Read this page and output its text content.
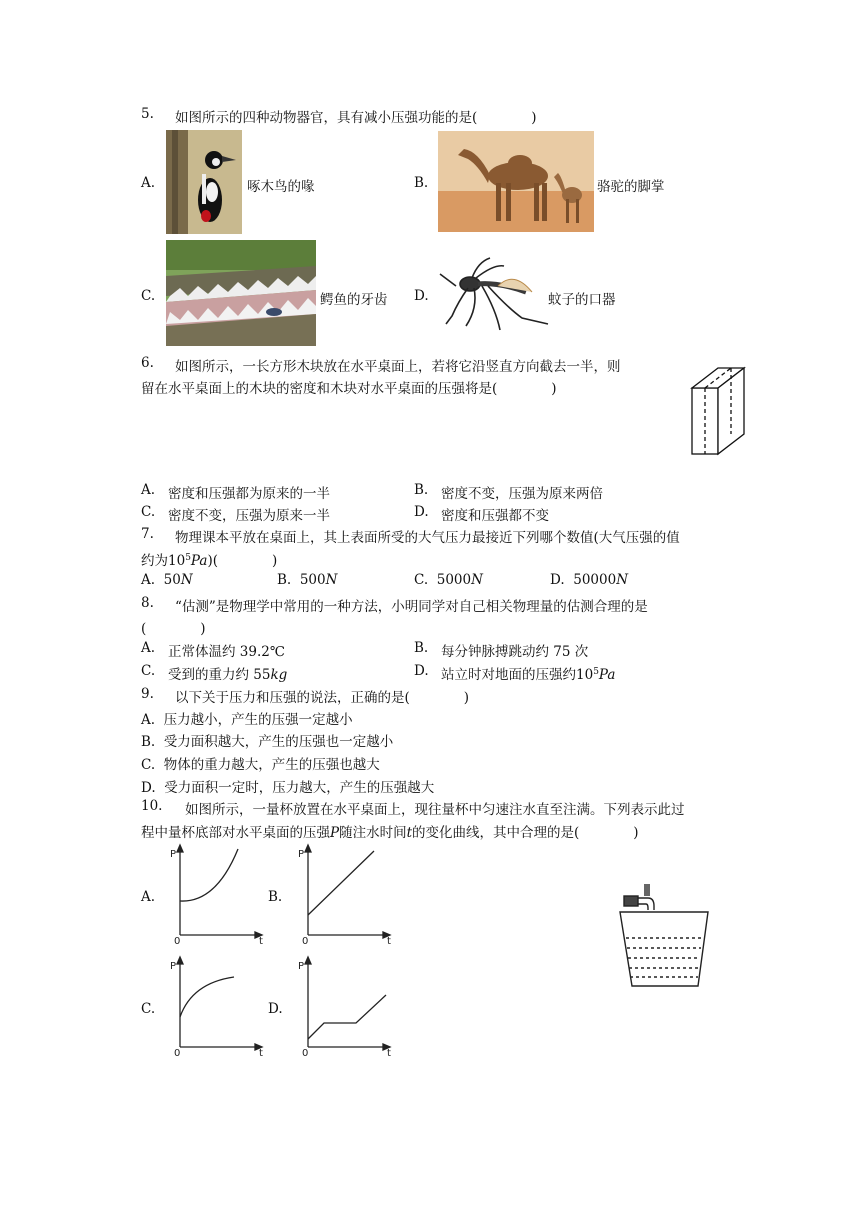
5. 如图所示的四种动物器官，具有减小压强功能的是(　　　　)
A.	啄木鸟的喙	B.	骆驼的脚掌
C.	鳄鱼的牙齿 D.	蚊子的口器
6. 如图所示，一长方形木块放在水平桌面上，若将它沿竖直方向截去一半，则
留在水平桌面上的木块的密度和木块对水平桌面的压强将是(　　　　)
A. 密度和压强都为原来的一半	B. 密度不变，压强为原来两倍
C. 密度不变，压强为原来一半	D. 密度和压强都不变
7. 物理课本平放在桌面上，其上表面所受的大气压力最接近下列哪个数值(大气压强的值
约为$10^5Pa$)(　　　　)
A. 50N	B. 500N	C. 5000N	D. 50000N
8. “估测”是物理学中常用的一种方法，小明同学对自己相关物理量的估测合理的是
(　　　　)
A. 正常体温约 39.2℃	B. 每分钟脉搏跳动约 75 次
C. 受到的重力约 55kg	D. 站立时对地面的压强约$10^5Pa$
9. 以下关于压力和压强的说法，正确的是(　　　　)
A. 压力越小，产生的压强一定越小
B. 受力面积越大，产生的压强也一定越小
C. 物体的重力越大，产生的压强也越大
D. 受力面积一定时，压力越大，产生的压强越大
10. 如图所示，一量杯放置在水平桌面上，现往量杯中匀速注水直至注满。下列表示此过
程中量杯底部对水平桌面的压强P随注水时间t的变化曲线，其中合理的是(　　　　)
A.
P
0	t
B.
P
0	t
C.
P
0	t
D.
P
0	t
